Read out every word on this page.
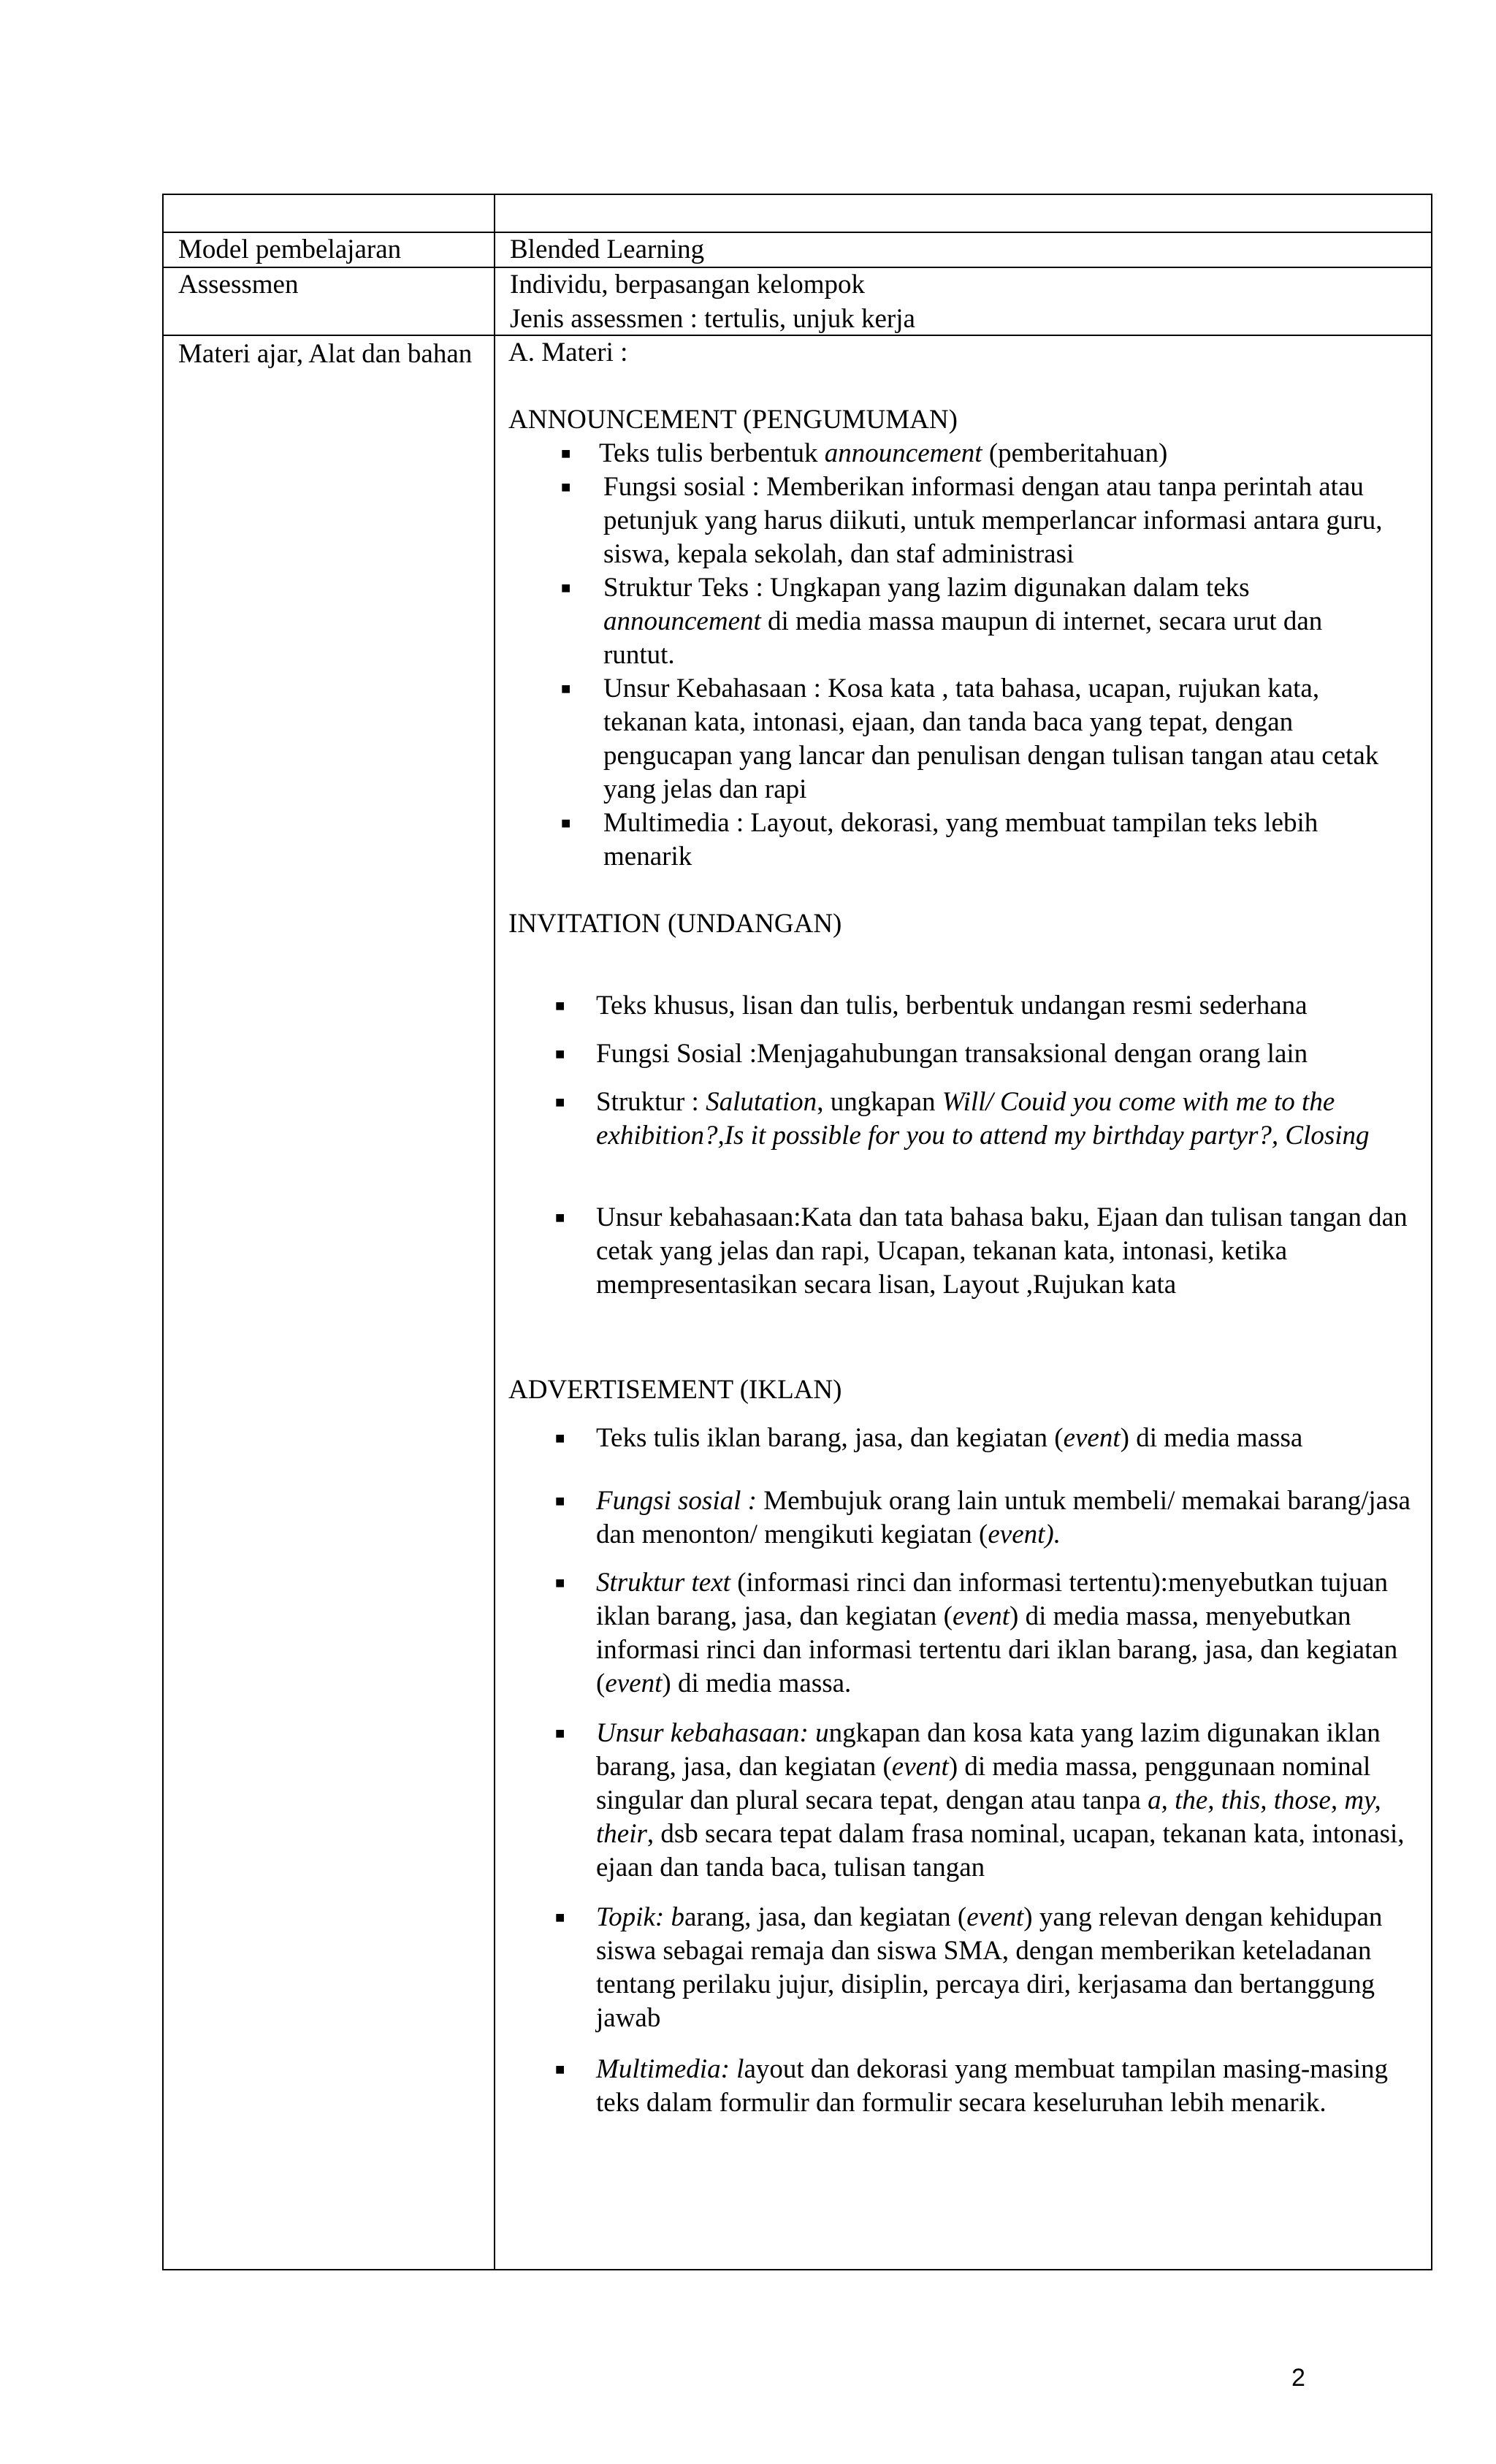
Model pembelajaran	Blended Learning
Assessmen	Individu, berpasangan kelompok
Jenis assessmen : tertulis, unjuk kerja
Materi ajar, Alat dan bahan A. Materi :
ANNOUNCEMENT (PENGUMUMAN)
■ Teks tulis berbentuk announcement (pemberitahuan)
■ Fungsi sosial : Memberikan informasi dengan atau tanpa perintah atau petunjuk yang harus diikuti, untuk memperlancar informasi antara guru, siswa, kepala sekolah, dan staf administrasi
■ Struktur Teks : Ungkapan yang lazim digunakan dalam teks announcement di media massa maupun di internet, secara urut dan runtut.
■ Unsur Kebahasaan : Kosa kata , tata bahasa, ucapan, rujukan kata, tekanan kata, intonasi, ejaan, dan tanda baca yang tepat, dengan pengucapan yang lancar dan penulisan dengan tulisan tangan atau cetak yang jelas dan rapi
■ Multimedia : Layout, dekorasi, yang membuat tampilan teks lebih menarik
INVITATION (UNDANGAN)
■ Teks khusus, lisan dan tulis, berbentuk undangan resmi sederhana
■ Fungsi Sosial :Menjagahubungan transaksional dengan orang lain
■ Struktur : Salutation, ungkapan Will/ Couid you come with me to the exhibition?,Is it possible for you to attend my birthday partyr?, Closing
■ Unsur kebahasaan:Kata dan tata bahasa baku, Ejaan dan tulisan tangan dan cetak yang jelas dan rapi, Ucapan, tekanan kata, intonasi, ketika mempresentasikan secara lisan, Layout ,Rujukan kata
ADVERTISEMENT (IKLAN)
■ Teks tulis iklan barang, jasa, dan kegiatan (event) di media massa
■ Fungsi sosial : Membujuk orang lain untuk membeli/ memakai barang/jasa dan menonton/ mengikuti kegiatan (event).
■ Struktur text (informasi rinci dan informasi tertentu):menyebutkan tujuan iklan barang, jasa, dan kegiatan (event) di media massa, menyebutkan informasi rinci dan informasi tertentu dari iklan barang, jasa, dan kegiatan (event) di media massa.
■ Unsur kebahasaan: ungkapan dan kosa kata yang lazim digunakan iklan barang, jasa, dan kegiatan (event) di media massa, penggunaan nominal singular dan plural secara tepat, dengan atau tanpa a, the, this, those, my, their, dsb secara tepat dalam frasa nominal, ucapan, tekanan kata, intonasi, ejaan dan tanda baca, tulisan tangan
■ Topik: barang, jasa, dan kegiatan (event) yang relevan dengan kehidupan siswa sebagai remaja dan siswa SMA, dengan memberikan keteladanan tentang perilaku jujur, disiplin, percaya diri, kerjasama dan bertanggung jawab
■ Multimedia: layout dan dekorasi yang membuat tampilan masing-masing teks dalam formulir dan formulir secara keseluruhan lebih menarik.
2
